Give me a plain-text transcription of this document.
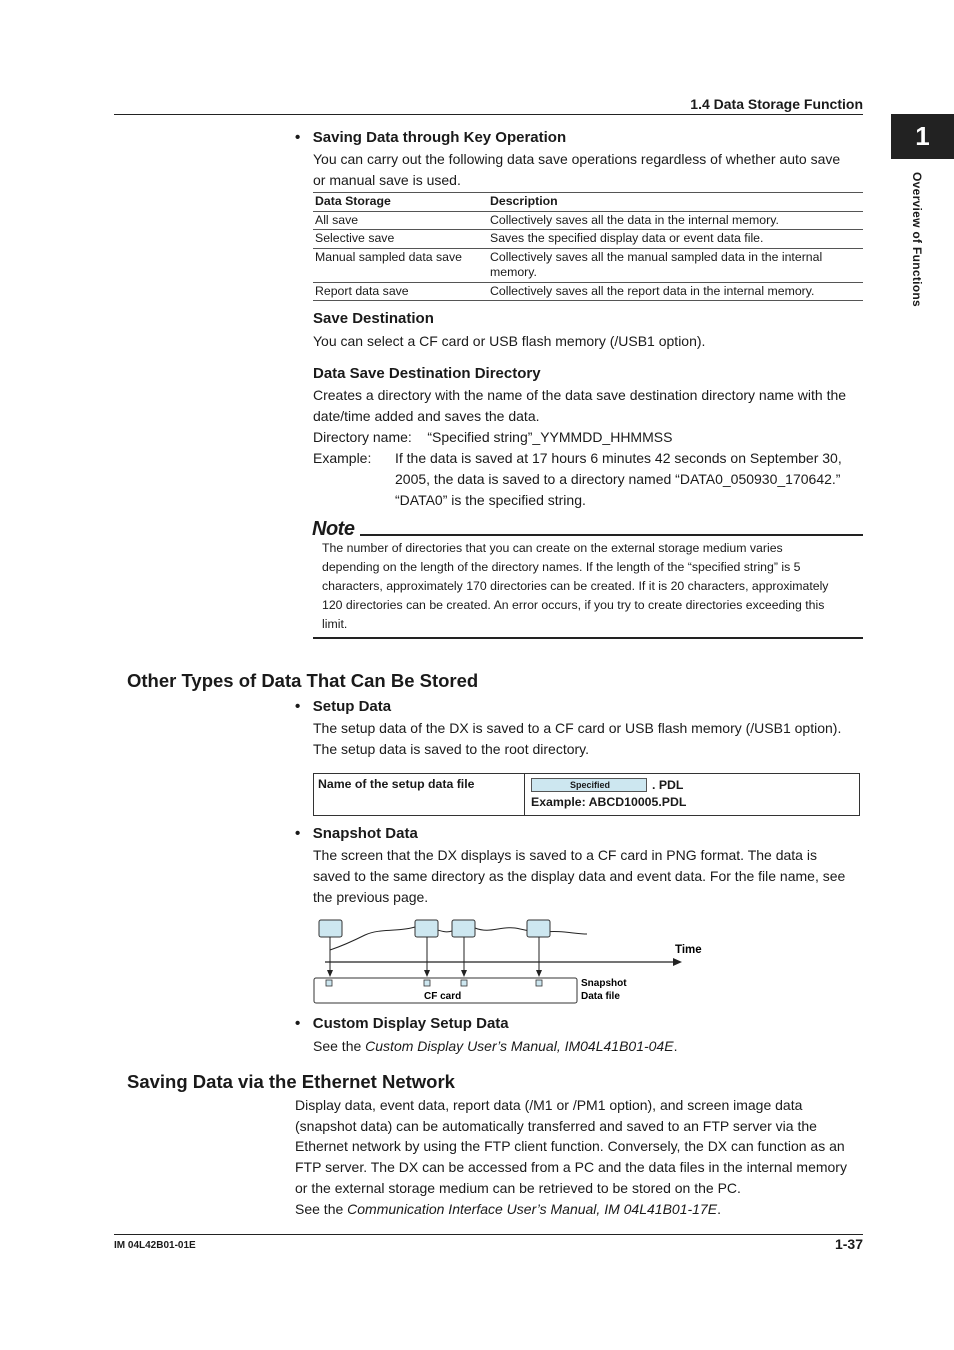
1.4 Data Storage Function
1
Overview of Functions
•   Saving Data through Key Operation
You can carry out the following data save operations regardless of whether auto save
or manual save is used.
Data Storage	Description
All save	Collectively saves all the data in the internal memory.
Selective save	Saves the specified display data or event data file.
Manual sampled data save	Collectively saves all the manual sampled data in the internal memory.
Report data save	Collectively saves all the report data in the internal memory.
Save Destination
You can select a CF card or USB flash memory (/USB1 option).
Data Save Destination Directory
Creates a directory with the name of the data save destination directory name with the
date/time added and saves the data.
Directory name: “Specified string”_YYMMDD_HHMMSS
Example: If the data is saved at 17 hours 6 minutes 42 seconds on September 30,
2005, the data is saved to a directory named “DATA0_050930_170642.”
“DATA0” is the specified string.
Note
The number of directories that you can create on the external storage medium varies
depending on the length of the directory names. If the length of the “specified string” is 5
characters, approximately 170 directories can be created. If it is 20 characters, approximately
120 directories can be created. An error occurs, if you try to create directories exceeding this
limit.
Other Types of Data That Can Be Stored
•   Setup Data
The setup data of the DX is saved to a CF card or USB flash memory (/USB1 option).
The setup data is saved to the root directory.
Name of the setup data file	Specified	. PDL
Example: ABCD10005.PDL
•   Snapshot Data
The screen that the DX displays is saved to a CF card in PNG format. The data is
saved to the same directory as the display data and event data. For the file name, see
the previous page.
Time
CF card
Snapshot
Data file
•   Custom Display Setup Data
See the Custom Display User’s Manual, IM04L41B01-04E.
Saving Data via the Ethernet Network
Display data, event data, report data (/M1 or /PM1 option), and screen image data
(snapshot data) can be automatically transferred and saved to an FTP server via the
Ethernet network by using the FTP client function. Conversely, the DX can function as an
FTP server. The DX can be accessed from a PC and the data files in the internal memory
or the external storage medium can be retrieved to be stored on the PC.
See the Communication Interface User’s Manual, IM 04L41B01-17E.
IM 04L42B01-01E	1-37
